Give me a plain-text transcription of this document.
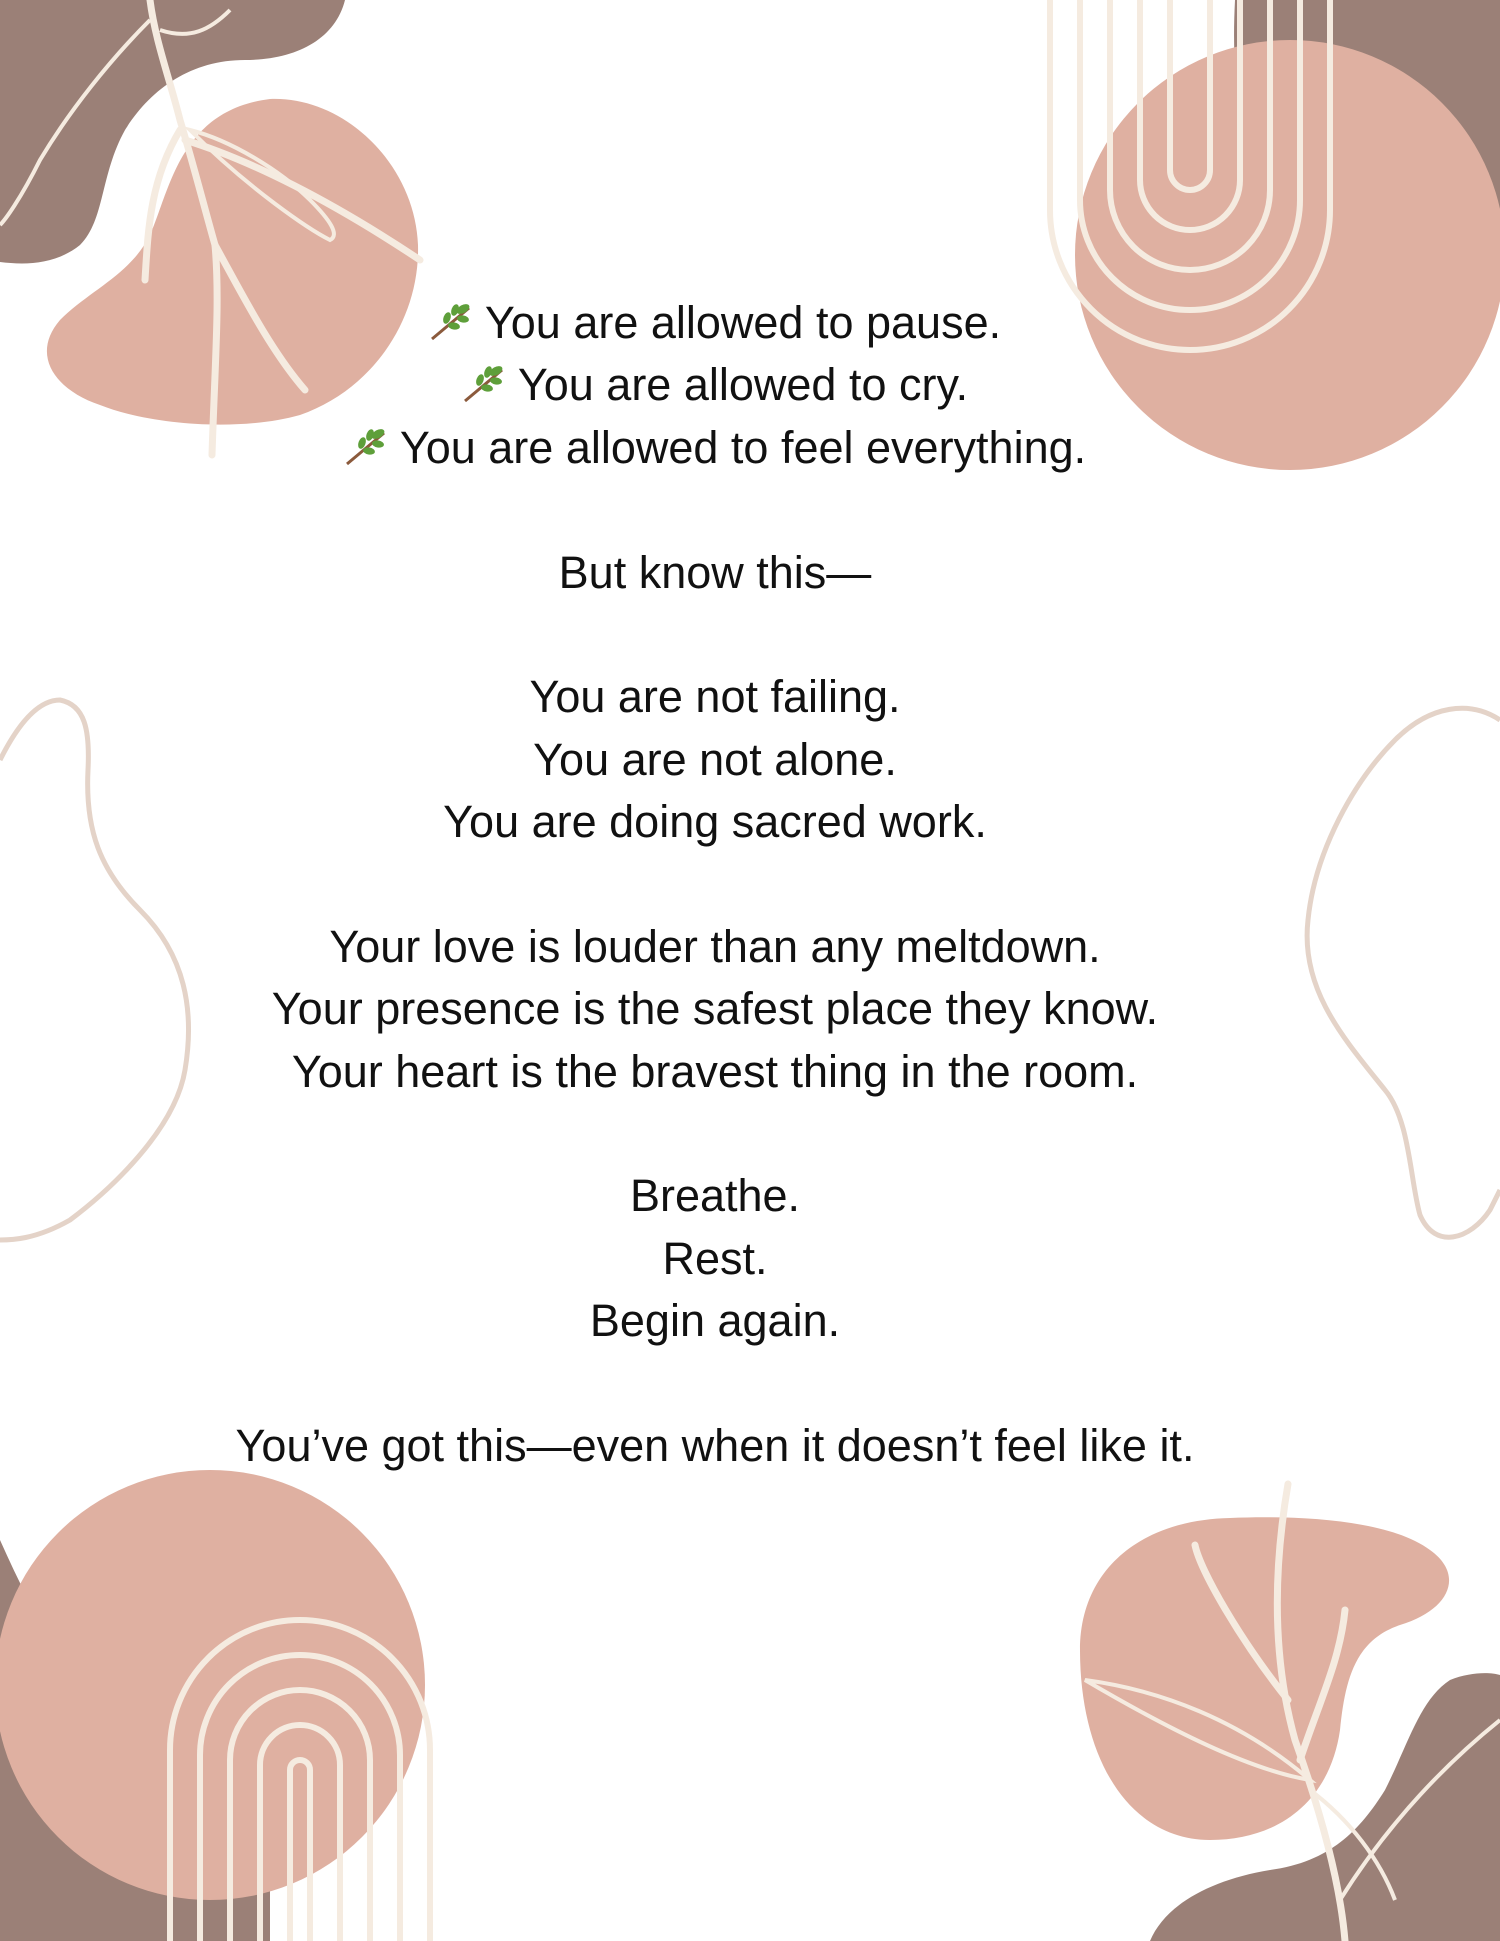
You are allowed to pause.
You are allowed to cry.
You are allowed to feel everything.
But know this—
You are not failing.
You are not alone.
You are doing sacred work.
Your love is louder than any meltdown.
Your presence is the safest place they know.
Your heart is the bravest thing in the room.
Breathe.
Rest.
Begin again.
You’ve got this—even when it doesn’t feel like it.
